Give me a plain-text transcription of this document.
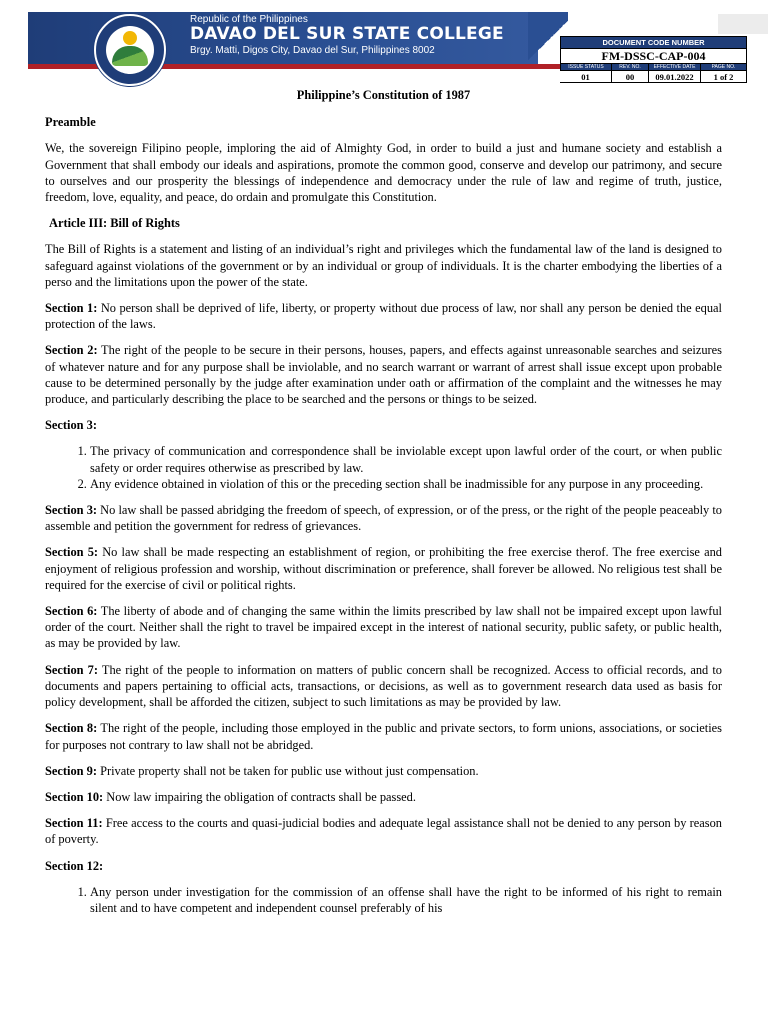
Republic of the Philippines
DAVAO DEL SUR STATE COLLEGE
Brgy. Matti, Digos City, Davao del Sur, Philippines 8002
DOCUMENT CODE NUMBER
FM-DSSC-CAP-004
ISSUE STATUS	REV. NO.	EFFECTIVE DATE	PAGE NO.
01	00	09.01.2022	1 of 2
Philippine’s Constitution of 1987
Preamble

We, the sovereign Filipino people, imploring the aid of Almighty God, in order to build a just and humane society and establish a Government that shall embody our ideals and aspirations, promote the common good, conserve and develop our patrimony, and secure to ourselves and our prosperity the blessings of independence and democracy under the rule of law and regime of truth, justice, freedom, love, equality, and peace, do ordain and promulgate this Constitution.

Article III: Bill of Rights

The Bill of Rights is a statement and listing of an individual’s right and privileges which the fundamental law of the land is designed to safeguard against violations of the government or by an individual or group of individuals. It is the charter embodying the liberties of a perso and the limitations upon the power of the state.

Section 1: No person shall be deprived of life, liberty, or property without due process of law, nor shall any person be denied the equal protection of the laws.

Section 2: The right of the people to be secure in their persons, houses, papers, and effects against unreasonable searches and seizures of whatever nature and for any purpose shall be inviolable, and no search warrant or warrant of arrest shall issue except upon probable cause to be determined personally by the judge after examination under oath or affirmation of the complaint and the witnesses he may produce, and particularly describing the place to be searched and the persons or things to be seized.

Section 3:
1. The privacy of communication and correspondence shall be inviolable except upon lawful order of the court, or when public safety or order requires otherwise as prescribed by law.
2. Any evidence obtained in violation of this or the preceding section shall be inadmissible for any purpose in any proceeding.

Section 3: No law shall be passed abridging the freedom of speech, of expression, or of the press, or the right of the people peaceably to assemble and petition the government for redress of grievances.

Section 5: No law shall be made respecting an establishment of region, or prohibiting the free exercise therof. The free exercise and enjoyment of religious profession and worship, without discrimination or preference, shall forever be allowed. No religious test shall be required for the exercise of civil or political rights.

Section 6: The liberty of abode and of changing the same within the limits prescribed by law shall not be impaired except upon lawful order of the court. Neither shall the right to travel be impaired except in the interest of national security, public safety, or public health, as may be provided by law.

Section 7: The right of the people to information on matters of public concern shall be recognized. Access to official records, and to documents and papers pertaining to official acts, transactions, or decisions, as well as to government research data used as basis for policy development, shall be afforded the citizen, subject to such limitations as may be provided by law.

Section 8: The right of the people, including those employed in the public and private sectors, to form unions, associations, or societies for purposes not contrary to law shall not be abridged.

Section 9: Private property shall not be taken for public use without just compensation.

Section 10: Now law impairing the obligation of contracts shall be passed.

Section 11: Free access to the courts and quasi-judicial bodies and adequate legal assistance shall not be denied to any person by reason of poverty.

Section 12:
1. Any person under investigation for the commission of an offense shall have the right to be informed of his right to remain silent and to have competent and independent counsel preferably of his
